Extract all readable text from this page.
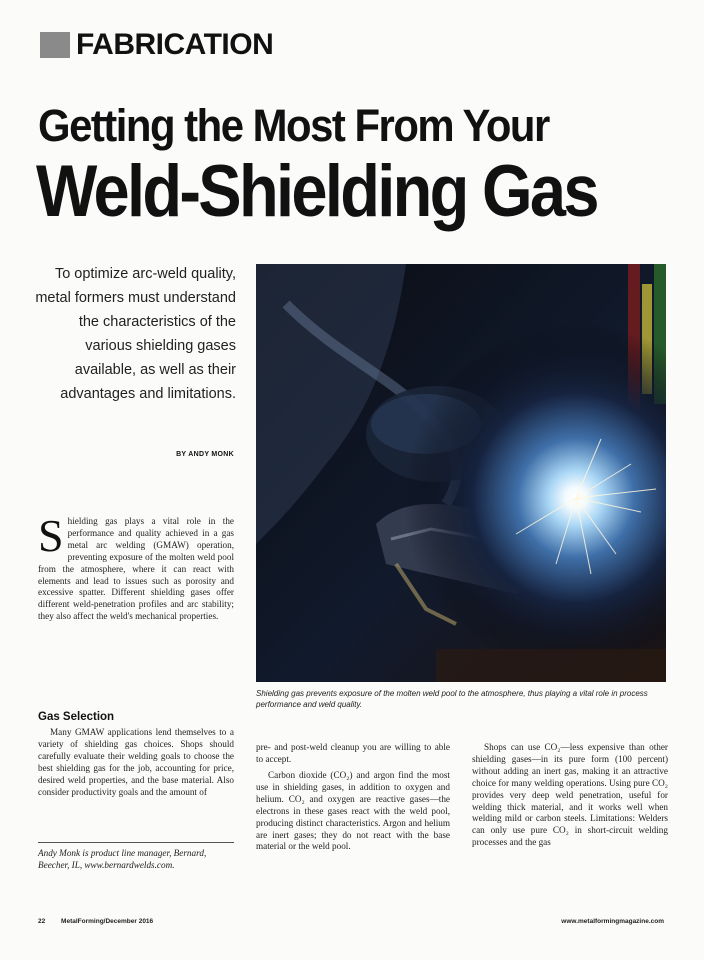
FABRICATION
Getting the Most From Your
Weld-Shielding Gas
To optimize arc-weld quality, metal formers must understand the characteristics of the various shielding gases available, as well as their advantages and limitations.
BY ANDY MONK
Shielding gas prevents exposure of the molten weld pool to the atmosphere, thus playing a vital role in process performance and weld quality.
S hielding gas plays a vital role in the performance and quality achieved in a gas metal arc welding (GMAW) operation, preventing exposure of the molten weld pool from the atmosphere, where it can react with elements and lead to issues such as porosity and excessive spatter. Different shielding gases offer different weld-penetration profiles and arc stability; they also affect the weld's mechanical properties.

Gas Selection

Many GMAW applications lend themselves to a variety of shielding gas choices. Shops should carefully evaluate their welding goals to choose the best shielding gas for the job, accounting for price, desired weld properties, and the base material. Also consider productivity goals and the amount of

Andy Monk is product line manager, Bernard, Beecher, IL, www.bernardwelds.com.

pre- and post-weld cleanup you are willing to able to accept.

Carbon dioxide (CO₂) and argon find the most use in shielding gases, in addition to oxygen and helium. CO₂ and oxygen are reactive gases—the electrons in these gases react with the weld pool, producing distinct characteristics. Argon and helium are inert gases; they do not react with the base material or the weld pool.

Shops can use CO₂—less expensive than other shielding gases—in its pure form (100 percent) without adding an inert gas, making it an attractive choice for many welding operations. Using pure CO₂ provides very deep weld penetration, useful for welding thick material, and it works well when welding mild or carbon steels. Limitations: Welders can only use pure CO₂ in short-circuit welding processes and the gas

22 MetalForming/December 2016	www.metalformingmagazine.com
